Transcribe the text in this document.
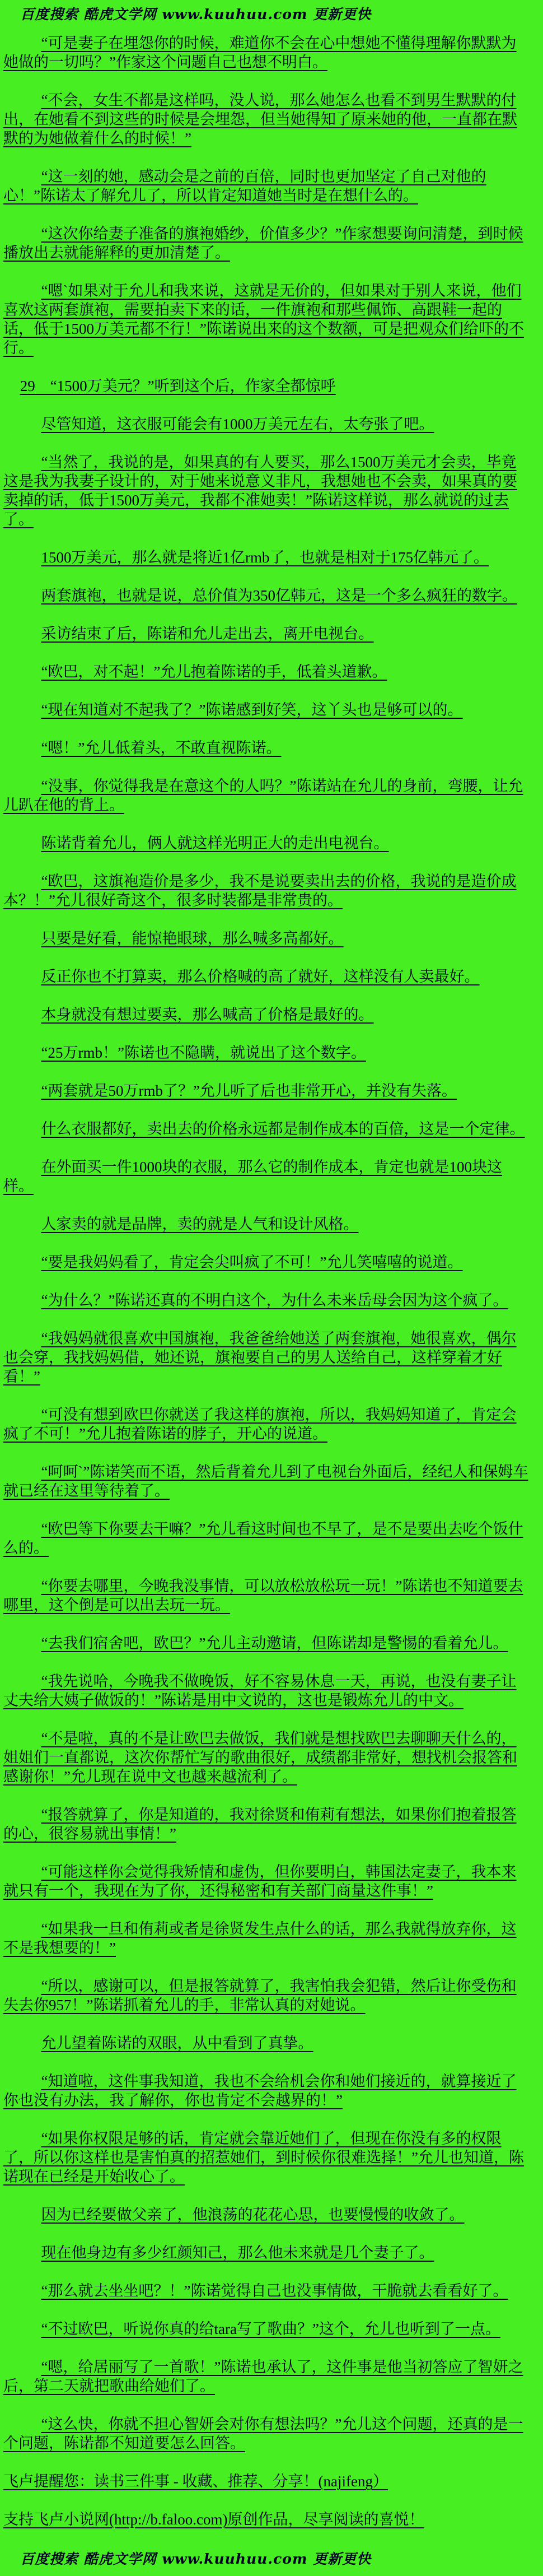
百度搜索 酷虎文学网 www.kuuhuu.com 更新更快

“可是妻子在埋怨你的时候，难道你不会在心中想她不懂得理解你默默为她做的一切吗？”作家这个问题自己也想不明白。

“不会，女生不都是这样吗，没人说，那么她怎么也看不到男生默默的付出，在她看不到这些的时候是会埋怨，但当她得知了原来她的他，一直都在默默的为她做着什么的时候！”

“这一刻的她，感动会是之前的百倍，同时也更加坚定了自己对他的心！”陈诺太了解允儿了，所以肯定知道她当时是在想什么的。

“这次你给妻子准备的旗袍婚纱，价值多少？”作家想要询问清楚，到时候播放出去就能解释的更加清楚了。

“嗯`如果对于允儿和我来说，这就是无价的，但如果对于别人来说，他们喜欢这两套旗袍，需要拍卖下来的话，一件旗袍和那些佩饰、高跟鞋一起的话，低于1500万美元都不行！”陈诺说出来的这个数额，可是把观众们给吓的不行。

29　“1500万美元？”听到这个后，作家全都惊呼

尽管知道，这衣服可能会有1000万美元左右，太夸张了吧。

“当然了，我说的是，如果真的有人要买，那么1500万美元才会卖，毕竟这是我为我妻子设计的，对于她来说意义非凡，我想她也不会卖，如果真的要卖掉的话，低于1500万美元，我都不准她卖！”陈诺这样说，那么就说的过去了。

1500万美元，那么就是将近1亿rmb了，也就是相对于175亿韩元了。

两套旗袍，也就是说，总价值为350亿韩元，这是一个多么疯狂的数字。

采访结束了后，陈诺和允儿走出去，离开电视台。

“欧巴，对不起！”允儿抱着陈诺的手，低着头道歉。

“现在知道对不起我了？”陈诺感到好笑，这丫头也是够可以的。

“嗯！”允儿低着头，不敢直视陈诺。

“没事，你觉得我是在意这个的人吗？”陈诺站在允儿的身前，弯腰，让允儿趴在他的背上。

陈诺背着允儿，俩人就这样光明正大的走出电视台。

“欧巴，这旗袍造价是多少，我不是说要卖出去的价格，我说的是造价成本？！”允儿很好奇这个，很多时装都是非常贵的。

只要是好看，能惊艳眼球，那么喊多高都好。

反正你也不打算卖，那么价格喊的高了就好，这样没有人卖最好。

本身就没有想过要卖，那么喊高了价格是最好的。

“25万rmb！”陈诺也不隐瞒，就说出了这个数字。

“两套就是50万rmb了？”允儿听了后也非常开心，并没有失落。

什么衣服都好，卖出去的价格永远都是制作成本的百倍，这是一个定律。

在外面买一件1000块的衣服，那么它的制作成本，肯定也就是100块这样。

人家卖的就是品牌，卖的就是人气和设计风格。

“要是我妈妈看了，肯定会尖叫疯了不可！”允儿笑嘻嘻的说道。

“为什么？”陈诺还真的不明白这个，为什么未来岳母会因为这个疯了。

“我妈妈就很喜欢中国旗袍，我爸爸给她送了两套旗袍，她很喜欢，偶尔也会穿，我找妈妈借，她还说，旗袍要自己的男人送给自己，这样穿着才好看！”

“可没有想到欧巴你就送了我这样的旗袍，所以，我妈妈知道了，肯定会疯了不可！”允儿抱着陈诺的脖子，开心的说道。

“呵呵`”陈诺笑而不语，然后背着允儿到了电视台外面后，经纪人和保姆车就已经在这里等待着了。

“欧巴等下你要去干嘛？”允儿看这时间也不早了，是不是要出去吃个饭什么的。

“你要去哪里，今晚我没事情，可以放松放松玩一玩！”陈诺也不知道要去哪里，这个倒是可以出去玩一玩。

“去我们宿舍吧，欧巴？”允儿主动邀请，但陈诺却是警惕的看着允儿。

“我先说哈，今晚我不做晚饭，好不容易休息一天，再说，也没有妻子让丈夫给大姨子做饭的！”陈诺是用中文说的，这也是锻炼允儿的中文。

“不是啦，真的不是让欧巴去做饭，我们就是想找欧巴去聊聊天什么的，姐姐们一直都说，这次你帮忙写的歌曲很好，成绩都非常好，想找机会报答和感谢你！”允儿现在说中文也越来越流利了。

“报答就算了，你是知道的，我对徐贤和侑莉有想法，如果你们抱着报答的心，很容易就出事情！”

“可能这样你会觉得我矫情和虚伪，但你要明白，韩国法定妻子，我本来就只有一个，我现在为了你，还得秘密和有关部门商量这件事！”

“如果我一旦和侑莉或者是徐贤发生点什么的话，那么我就得放弃你，这不是我想要的！”

“所以，感谢可以，但是报答就算了，我害怕我会犯错，然后让你受伤和失去你957！”陈诺抓着允儿的手，非常认真的对她说。

允儿望着陈诺的双眼，从中看到了真挚。

“知道啦，这件事我知道，我也不会给机会你和她们接近的，就算接近了你也没有办法，我了解你，你也肯定不会越界的！”

“如果你权限足够的话，肯定就会靠近她们了，但现在你没有多的权限了，所以你这样也是害怕真的招惹她们，到时候你很难选择！”允儿也知道，陈诺现在已经是开始收心了。

因为已经要做父亲了，他浪荡的花花心思，也要慢慢的收敛了。

现在他身边有多少红颜知己，那么他未来就是几个妻子了。

“那么就去坐坐吧？！”陈诺觉得自己也没事情做，干脆就去看看好了。

“不过欧巴，听说你真的给tara写了歌曲？”这个，允儿也听到了一点。

“嗯，给居丽写了一首歌！”陈诺也承认了，这件事是他当初答应了智妍之后，第二天就把歌曲给她们了。

“这么快，你就不担心智妍会对你有想法吗？”允儿这个问题，还真的是一个问题，陈诺都不知道要怎么回答。

飞卢提醒您：读书三件事 - 收藏、推荐、分享！(najifeng）

支持飞卢小说网(http://b.faloo.com)原创作品，尽享阅读的喜悦！

百度搜索 酷虎文学网 www.kuuhuu.com 更新更快
